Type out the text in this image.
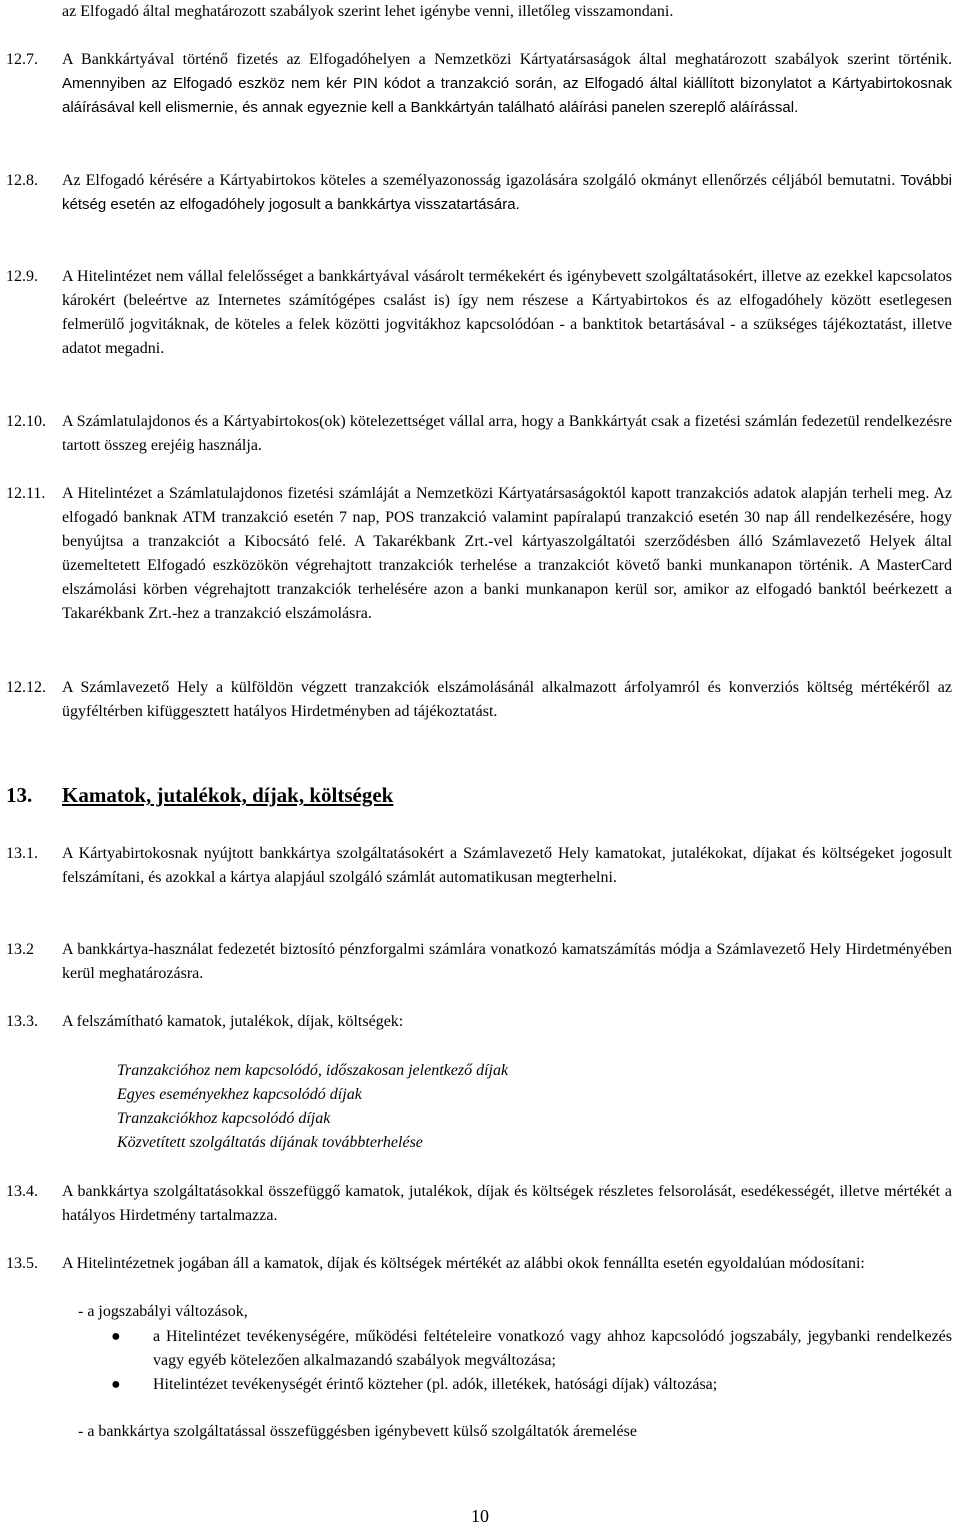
az Elfogadó által meghatározott szabályok szerint lehet igénybe venni, illetőleg visszamondani.

12.7. A Bankkártyával történő fizetés az Elfogadóhelyen a Nemzetközi Kártyatársaságok által meghatározott szabályok szerint történik. Amennyiben az Elfogadó eszköz nem kér PIN kódot a tranzakció során, az Elfogadó által kiállított bizonylatot a Kártyabirtokosnak aláírásával kell elismernie, és annak egyeznie kell a Bankkártyán található aláírási panelen szereplő aláírással.
12.8. Az Elfogadó kérésére a Kártyabirtokos köteles a személyazonosság igazolására szolgáló okmányt ellenőrzés céljából bemutatni. További kétség esetén az elfogadóhely jogosult a bankkártya visszatartására.
12.9. A Hitelintézet nem vállal felelősséget a bankkártyával vásárolt termékekért és igénybevett szolgáltatásokért, illetve az ezekkel kapcsolatos károkért (beleértve az Internetes számítógépes csalást is) így nem részese a Kártyabirtokos és az elfogadóhely között esetlegesen felmerülő jogvitáknak, de köteles a felek közötti jogvitákhoz kapcsolódóan - a banktitok betartásával - a szükséges tájékoztatást, illetve adatot megadni.
12.10. A Számlatulajdonos és a Kártyabirtokos(ok) kötelezettséget vállal arra, hogy a Bankkártyát csak a fizetési számlán fedezetül rendelkezésre tartott összeg erejéig használja.
12.11. A Hitelintézet a Számlatulajdonos fizetési számláját a Nemzetközi Kártyatársaságoktól kapott tranzakciós adatok alapján terheli meg. Az elfogadó banknak ATM tranzakció esetén 7 nap, POS tranzakció valamint papíralapú tranzakció esetén 30 nap áll rendelkezésére, hogy benyújtsa a tranzakciót a Kibocsátó felé. A Takarékbank Zrt.-vel kártyaszolgáltatói szerződésben álló Számlavezető Helyek által üzemeltetett Elfogadó eszközökön végrehajtott tranzakciók terhelése a tranzakciót követő banki munkanapon történik. A MasterCard elszámolási körben végrehajtott tranzakciók terhelésére azon a banki munkanapon kerül sor, amikor az elfogadó banktól beérkezett a Takarékbank Zrt.-hez a tranzakció elszámolásra.
12.12. A Számlavezető Hely a külföldön végzett tranzakciók elszámolásánál alkalmazott árfolyamról és konverziós költség mértékéről az ügyféltérben kifüggesztett hatályos Hirdetményben ad tájékoztatást.
13. Kamatok, jutalékok, díjak, költségek
13.1. A Kártyabirtokosnak nyújtott bankkártya szolgáltatásokért a Számlavezető Hely kamatokat, jutalékokat, díjakat és költségeket jogosult felszámítani, és azokkal a kártya alapjául szolgáló számlát automatikusan megterhelni.
13.2 A bankkártya-használat fedezetét biztosító pénzforgalmi számlára vonatkozó kamatszámítás módja a Számlavezető Hely Hirdetményében kerül meghatározásra.
13.3. A felszámítható kamatok, jutalékok, díjak, költségek:
Tranzakcióhoz nem kapcsolódó, időszakosan jelentkező díjak
Egyes eseményekhez kapcsolódó díjak
Tranzakciókhoz kapcsolódó díjak
Közvetített szolgáltatás díjának továbbterhelése
13.4. A bankkártya szolgáltatásokkal összefüggő kamatok, jutalékok, díjak és költségek részletes felsorolását, esedékességét, illetve mértékét a hatályos Hirdetmény tartalmazza.
13.5. A Hitelintézetnek jogában áll a kamatok, díjak és költségek mértékét az alábbi okok fennállta esetén egyoldalúan módosítani:

- a jogszabályi változások,

● a Hitelintézet tevékenységére, működési feltételeire vonatkozó vagy ahhoz kapcsolódó jogszabály, jegybanki rendelkezés vagy egyéb kötelezően alkalmazandó szabályok megváltozása;
● Hitelintézet tevékenységét érintő közteher (pl. adók, illetékek, hatósági díjak) változása;

- a bankkártya szolgáltatással összefüggésben igénybevett külső szolgáltatók áremelése

10
